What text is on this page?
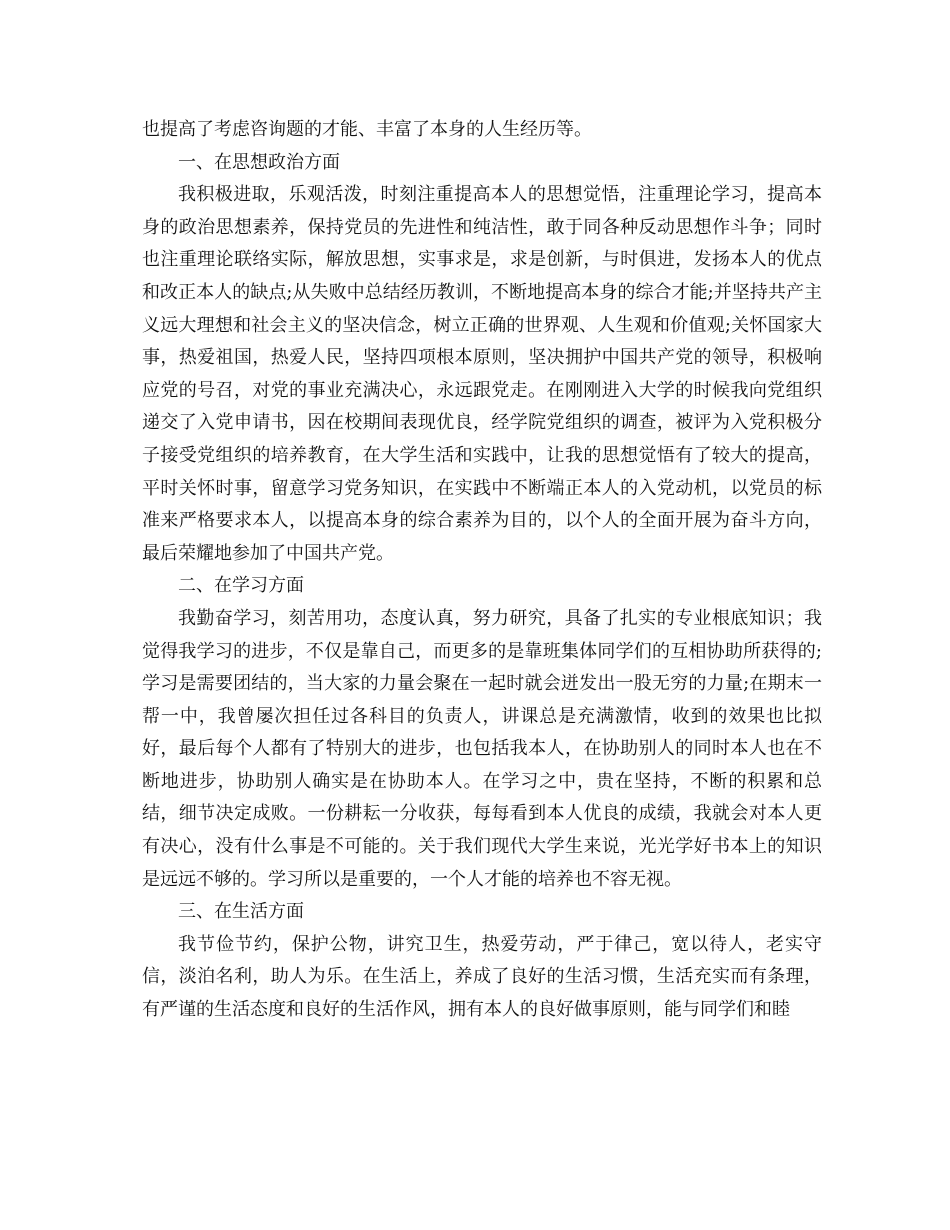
也提高了考虑咨询题的才能、丰富了本身的人生经历等。

一、在思想政治方面

我积极进取，乐观活泼，时刻注重提高本人的思想觉悟，注重理论学习，提高本身的政治思想素养，保持党员的先进性和纯洁性，敢于同各种反动思想作斗争；同时也注重理论联络实际，解放思想，实事求是，求是创新，与时俱进，发扬本人的优点和改正本人的缺点;从失败中总结经历教训，不断地提高本身的综合才能;并坚持共产主义远大理想和社会主义的坚决信念，树立正确的世界观、人生观和价值观;关怀国家大事，热爱祖国，热爱人民，坚持四项根本原则，坚决拥护中国共产党的领导，积极响应党的号召，对党的事业充满决心，永远跟党走。在刚刚进入大学的时候我向党组织递交了入党申请书，因在校期间表现优良，经学院党组织的调查，被评为入党积极分子接受党组织的培养教育，在大学生活和实践中，让我的思想觉悟有了较大的提高，平时关怀时事，留意学习党务知识，在实践中不断端正本人的入党动机，以党员的标准来严格要求本人，以提高本身的综合素养为目的，以个人的全面开展为奋斗方向，最后荣耀地参加了中国共产党。

二、在学习方面

我勤奋学习，刻苦用功，态度认真，努力研究，具备了扎实的专业根底知识；我觉得我学习的进步，不仅是靠自己，而更多的是靠班集体同学们的互相协助所获得的;学习是需要团结的，当大家的力量会聚在一起时就会迸发出一股无穷的力量;在期末一帮一中，我曾屡次担任过各科目的负责人，讲课总是充满激情，收到的效果也比拟好，最后每个人都有了特别大的进步，也包括我本人，在协助别人的同时本人也在不断地进步，协助别人确实是在协助本人。在学习之中，贵在坚持，不断的积累和总结，细节决定成败。一份耕耘一分收获，每每看到本人优良的成绩，我就会对本人更有决心，没有什么事是不可能的。关于我们现代大学生来说，光光学好书本上的知识是远远不够的。学习所以是重要的，一个人才能的培养也不容无视。

三、在生活方面

我节俭节约，保护公物，讲究卫生，热爱劳动，严于律己，宽以待人，老实守信，淡泊名利，助人为乐。在生活上，养成了良好的生活习惯，生活充实而有条理，有严谨的生活态度和良好的生活作风，拥有本人的良好做事原则，能与同学们和睦
